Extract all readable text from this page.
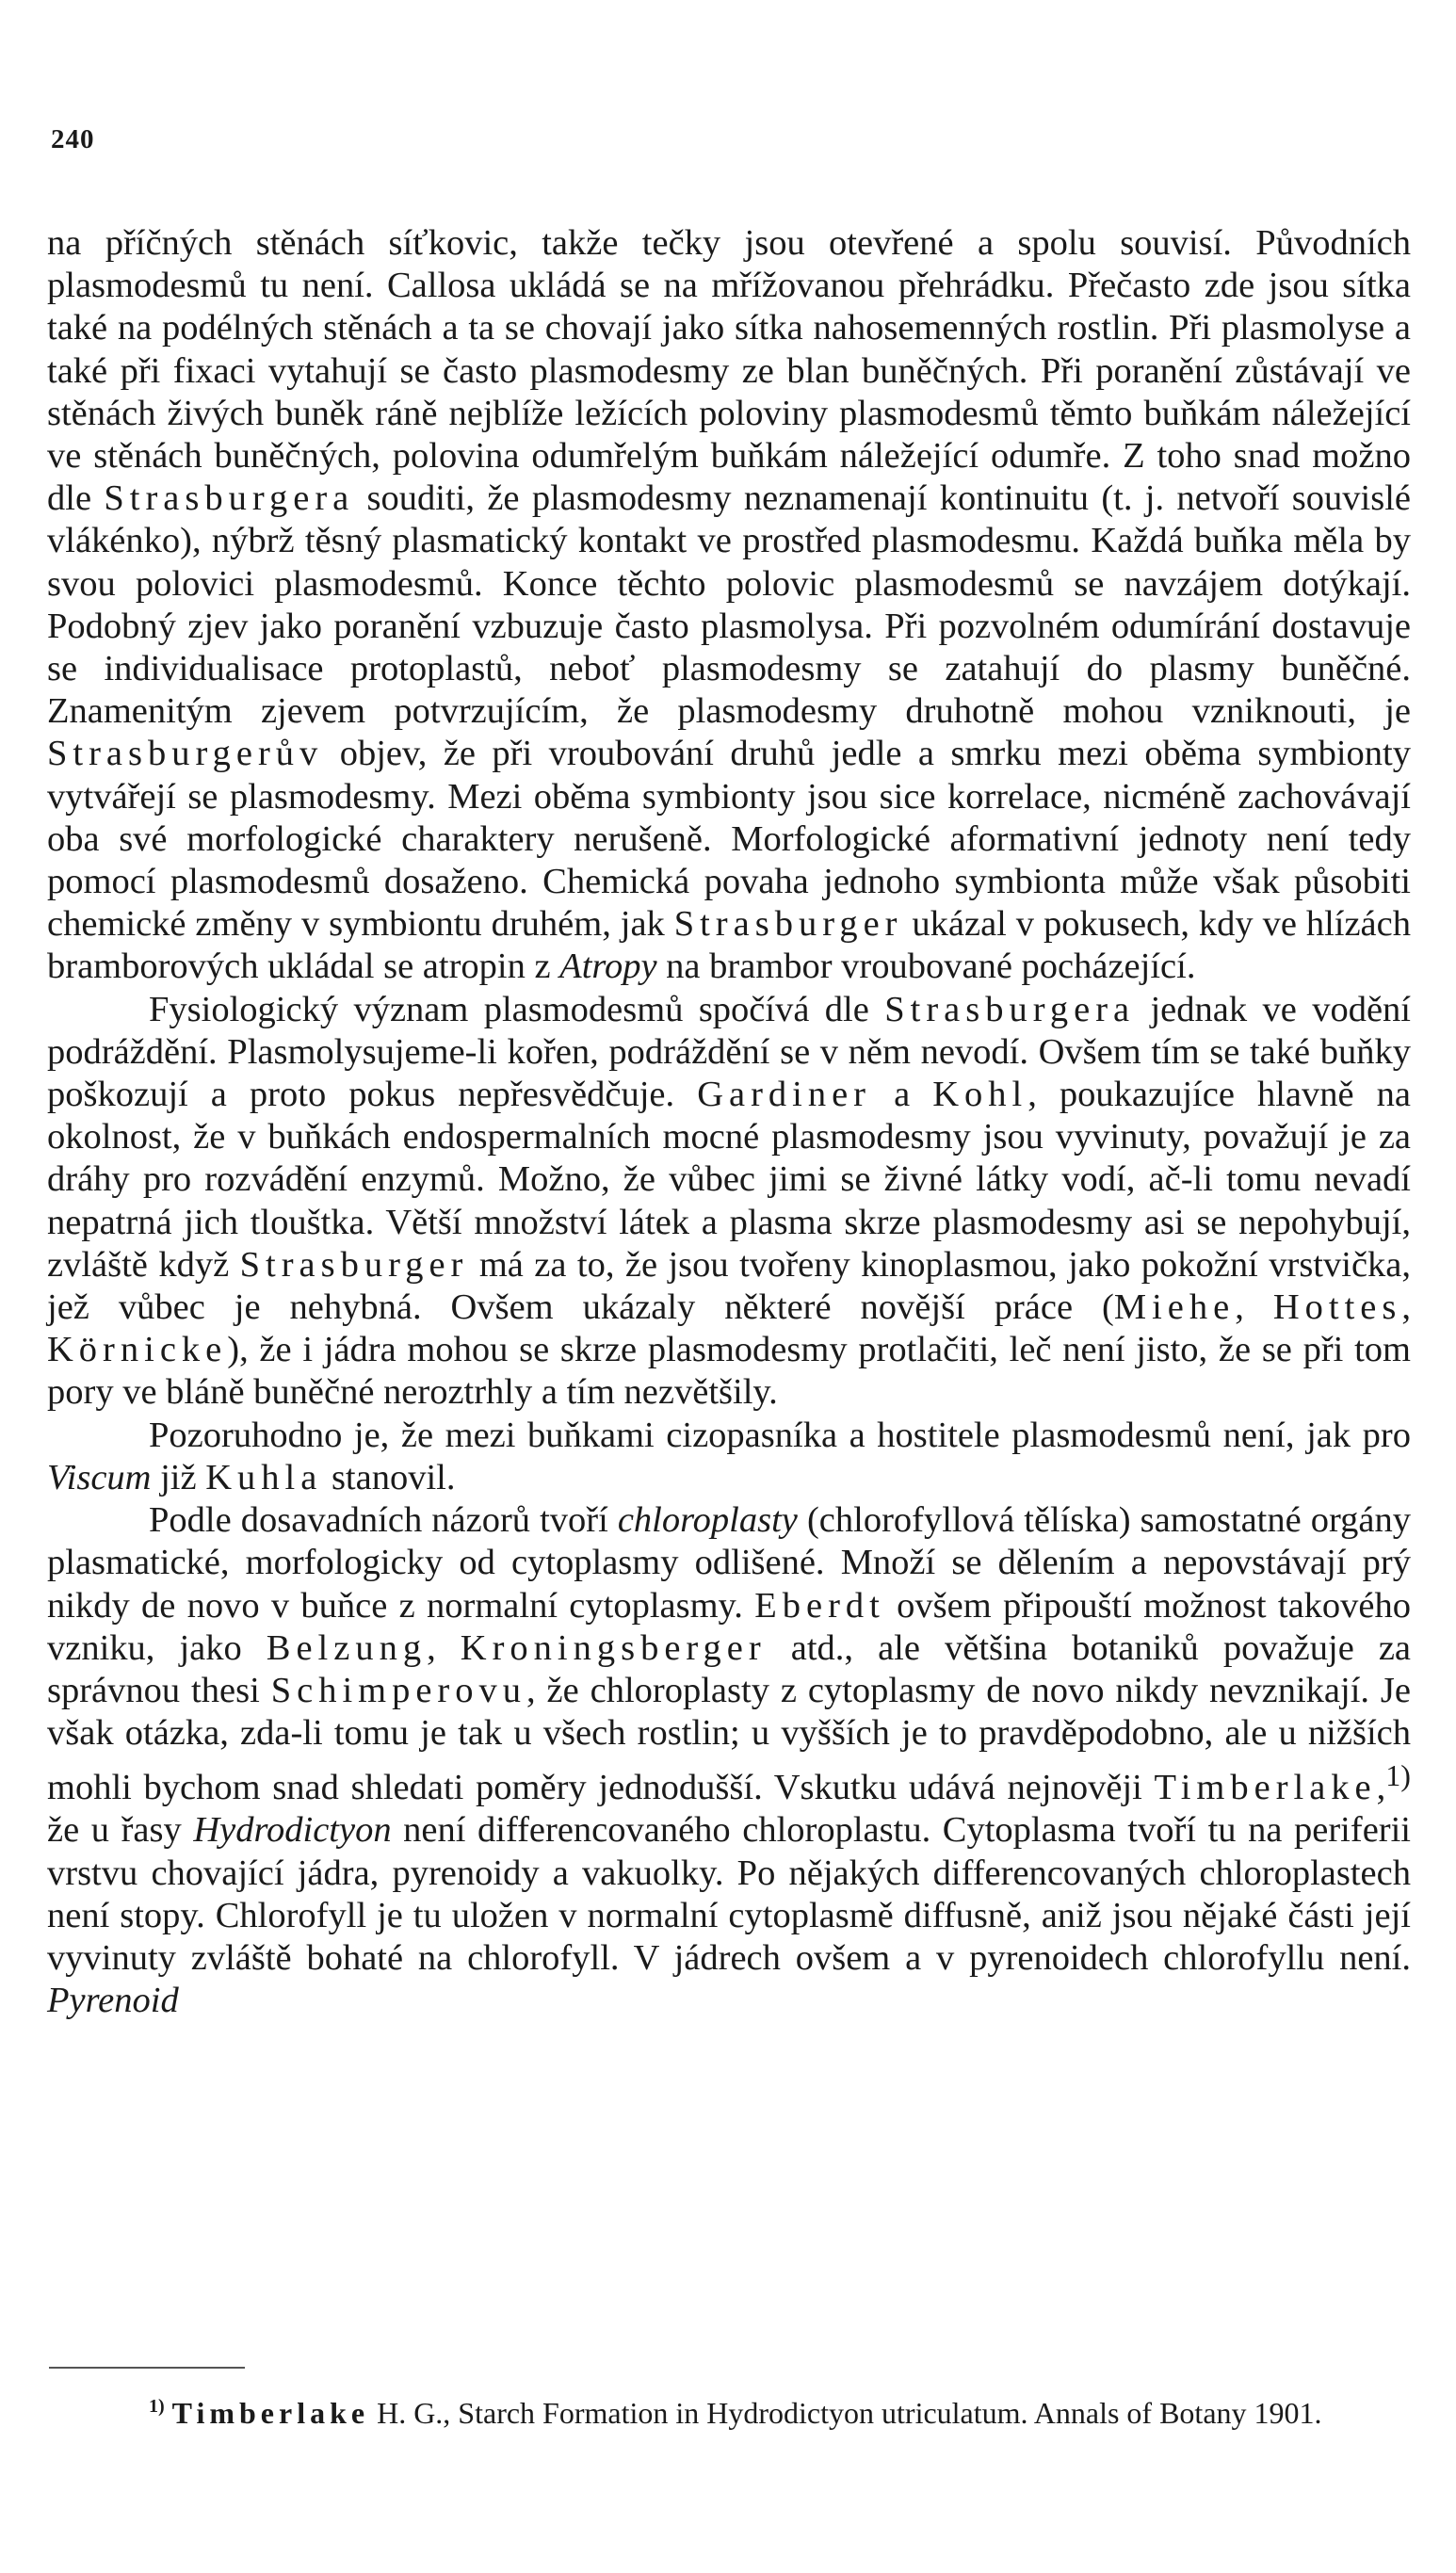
240

na příčných stěnách síťkovic, takže tečky jsou otevřené a spolu souvisí. Původních plasmodesmů tu není. Callosa ukládá se na mřížovanou přehrádku. Přečasto zde jsou sítka také na podélných stěnách a ta se chovají jako sítka nahosemenných rostlin. Při plasmolyse a také při fixaci vytahují se často plasmodesmy ze blan buněčných. Při poranění zůstávají ve stěnách živých buněk ráně nejblíže ležících poloviny plasmodesmů těmto buňkám náležející ve stěnách buněčných, polovina odumřelým buňkám náležející odumře. Z toho snad možno dle Strasburgera souditi, že plasmodesmy neznamenají kontinuitu (t. j. netvoří souvislé vlákénko), nýbrž těsný plasmatický kontakt ve prostřed plasmodesmu. Každá buňka měla by svou polovici plasmodesmů. Konce těchto polovic plasmodesmů se navzájem dotýkají. Podobný zjev jako poranění vzbuzuje často plasmolysa. Při pozvolném odumírání dostavuje se individualisace protoplastů, neboť plasmodesmy se zatahují do plasmy buněčné. Znamenitým zjevem potvrzujícím, že plasmodesmy druhotně mohou vzniknouti, je Strasburgerův objev, že při vroubování druhů jedle a smrku mezi oběma symbionty vytvářejí se plasmodesmy. Mezi oběma symbionty jsou sice korrelace, nicméně zachovávají oba své morfologické charaktery nerušeně. Morfologické aformativní jednoty není tedy pomocí plasmodesmů dosaženo. Chemická povaha jednoho symbionta může však působiti chemické změny v symbiontu druhém, jak Strasburger ukázal v pokusech, kdy ve hlízách bramborových ukládal se atropin z Atropy na brambor vroubované pocházející.

Fysiologický význam plasmodesmů spočívá dle Strasburgera jednak ve vodění podráždění. Plasmolysujeme-li kořen, podráždění se v něm nevodí. Ovšem tím se také buňky poškozují a proto pokus nepřesvědčuje. Gardiner a Kohl, poukazujíce hlavně na okolnost, že v buňkách endospermalních mocné plasmodesmy jsou vyvinuty, považují je za dráhy pro rozvádění enzymů. Možno, že vůbec jimi se živné látky vodí, ač-li tomu nevadí nepatrná jich tlouštka. Větší množství látek a plasma skrze plasmodesmy asi se nepohybují, zvláště když Strasburger má za to, že jsou tvořeny kinoplasmou, jako pokožní vrstvička, jež vůbec je nehybná. Ovšem ukázaly některé novější práce (Miehe, Hottes, Körnicke), že i jádra mohou se skrze plasmodesmy protlačiti, leč není jisto, že se při tom pory ve bláně buněčné neroztrhly a tím nezvětšily.

Pozoruhodno je, že mezi buňkami cizopasníka a hostitele plasmodesmů není, jak pro Viscum již Kuhla stanovil.

Podle dosavadních názorů tvoří chloroplasty (chlorofyllová tělíska) samostatné orgány plasmatické, morfologicky od cytoplasmy odlišené. Množí se dělením a nepovstávají prý nikdy de novo v buňce z normalní cytoplasmy. Eberdt ovšem připouští možnost takového vzniku, jako Belzung, Kroningsberger atd., ale většina botaniků považuje za správnou thesi Schimperovu, že chloroplasty z cytoplasmy de novo nikdy nevznikají. Je však otázka, zda-li tomu je tak u všech rostlin; u vyšších je to pravděpodobno, ale u nižších mohli bychom snad shledati poměry jednodušší. Vskutku udává nejnověji Timberlake,$^{1)}$ že u řasy Hydrodictyon není differencovaného chloroplastu. Cytoplasma tvoří tu na periferii vrstvu chovající jádra, pyrenoidy a vakuolky. Po nějakých differencovaných chloroplastech není stopy. Chlorofyll je tu uložen v normalní cytoplasmě diffusně, aniž jsou nějaké části její vyvinuty zvláště bohaté na chlorofyll. V jádrech ovšem a v pyrenoidech chlorofyllu není. Pyrenoid

$^{1)}$ Timberlake H. G., Starch Formation in Hydrodictyon utriculatum. Annals of Botany 1901.
